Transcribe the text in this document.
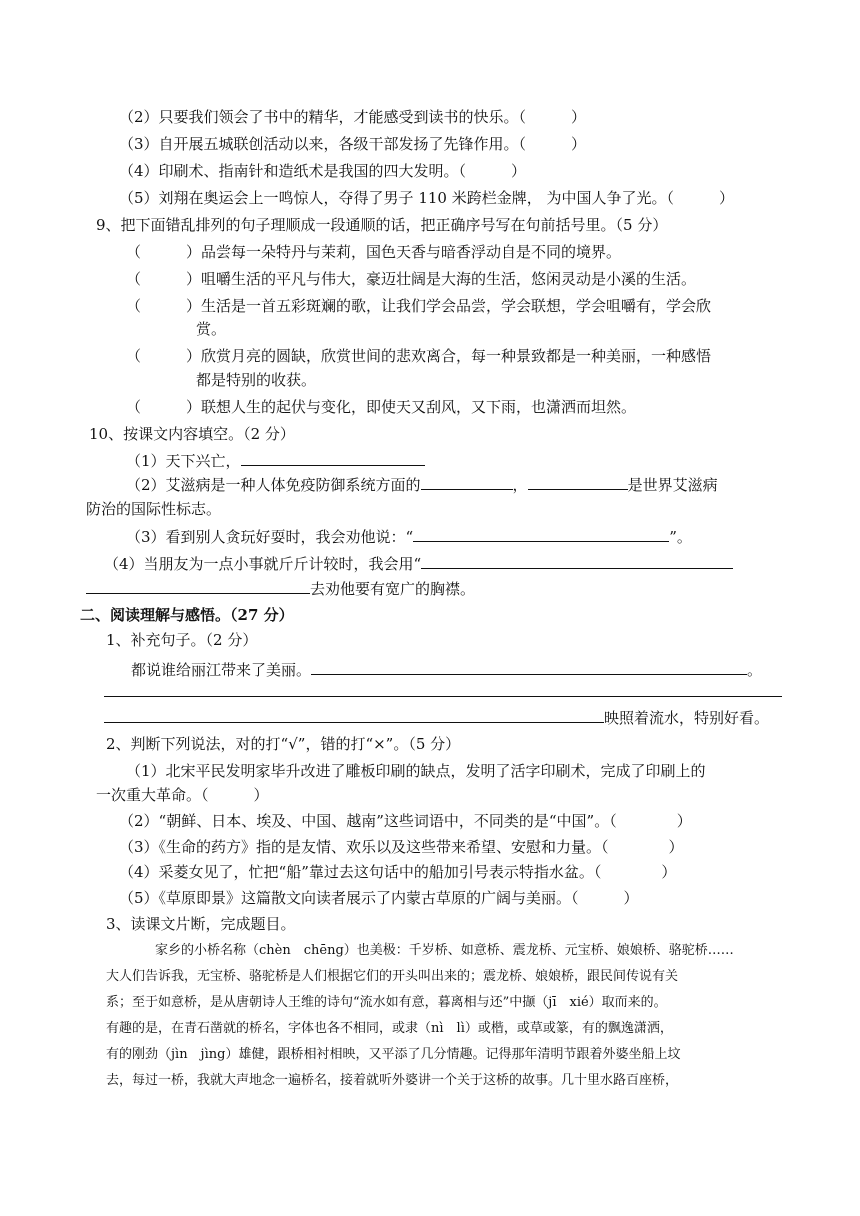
（2）只要我们领会了书中的精华，才能感受到读书的快乐。（　　　）
（3）自开展五城联创活动以来，各级干部发扬了先锋作用。（　　　）
（4）印刷术、指南针和造纸术是我国的四大发明。（　　　）
（5）刘翔在奥运会上一鸣惊人，夺得了男子 110 米跨栏金牌， 为中国人争了光。（　　　）
9、把下面错乱排列的句子理顺成一段通顺的话，把正确序号写在句前括号里。（5 分）
（　　　）品尝每一朵特丹与茉莉，国色天香与暗香浮动自是不同的境界。
（　　　）咀嚼生活的平凡与伟大，豪迈壮阔是大海的生活，悠闲灵动是小溪的生活。
（　　　）生活是一首五彩斑斓的歌，让我们学会品尝，学会联想，学会咀嚼有，学会欣
赏。
（　　　）欣赏月亮的圆缺，欣赏世间的悲欢离合，每一种景致都是一种美丽，一种感悟
都是特别的收获。
（　　　）联想人生的起伏与变化，即使天又刮风，又下雨，也潇洒而坦然。
10、按课文内容填空。（2 分）
（1）天下兴亡，
（2）艾滋病是一种人体免疫防御系统方面的	，	是世界艾滋病
防治的国际性标志。
（3）看到别人贪玩好耍时，我会劝他说：“	”。
（4）当朋友为一点小事就斤斤计较时，我会用“
去劝他要有宽广的胸襟。
二、阅读理解与感悟。（27 分）
1、补充句子。（2 分）
都说谁给丽江带来了美丽。	。
映照着流水，特别好看。
2、判断下列说法，对的打“√”，错的打“×”。（5 分）
（1）北宋平民发明家毕升改进了雕板印刷的缺点，发明了活字印刷术，完成了印刷上的
一次重大革命。（　　　）
（2）“朝鲜、日本、埃及、中国、越南”这些词语中，不同类的是“中国”。（　　　　）
（3）《生命的药方》指的是友情、欢乐以及这些带来希望、安慰和力量。（　　　　）
（4）采菱女见了，忙把“船”靠过去这句话中的船加引号表示特指水盆。（　　　　）
（5）《草原即景》这篇散文向读者展示了内蒙古草原的广阔与美丽。（　　　）
3、读课文片断，完成题目。
家乡的小桥名称（chèn　chēng）也美极：千岁桥、如意桥、震龙桥、元宝桥、娘娘桥、骆驼桥……
大人们告诉我，无宝桥、骆驼桥是人们根据它们的开头叫出来的；震龙桥、娘娘桥，跟民间传说有关
系；至于如意桥，是从唐朝诗人王维的诗句“流水如有意，暮离相与还”中撷（jī　xié）取而来的。
有趣的是，在青石凿就的桥名，字体也各不相同，或隶（nì　lì）或楷，或草或篆，有的飘逸潇洒，
有的刚劲（jìn　jìng）雄健，跟桥相衬相映，又平添了几分情趣。记得那年清明节跟着外婆坐船上坟
去，每过一桥，我就大声地念一遍桥名，接着就听外婆讲一个关于这桥的故事。几十里水路百座桥，
